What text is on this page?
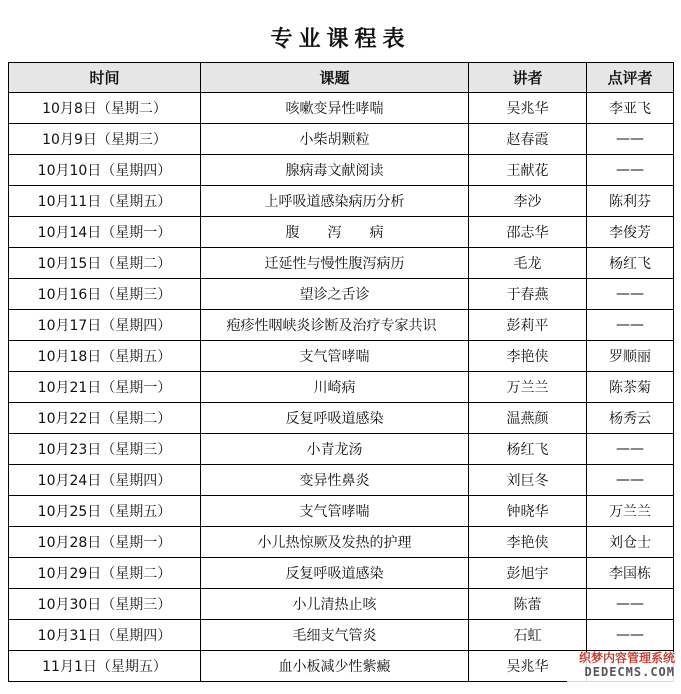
专业课程表
时间	课题	讲者	点评者
10月8日（星期二）	咳嗽变异性哮喘	吴兆华	李亚飞
10月9日（星期三）	小柴胡颗粒	赵春霞	——
10月10日（星期四）	腺病毒文献阅读	王献花	——
10月11日（星期五）	上呼吸道感染病历分析	李沙	陈利芬
10月14日（星期一）	腹　　泻　　病	邵志华	李俊芳
10月15日（星期二）	迁延性与慢性腹泻病历	毛龙	杨红飞
10月16日（星期三）	望诊之舌诊	于春燕	——
10月17日（星期四）	疱疹性咽峡炎诊断及治疗专家共识	彭莉平	——
10月18日（星期五）	支气管哮喘	李艳侠	罗顺丽
10月21日（星期一）	川崎病	万兰兰	陈茶菊
10月22日（星期二）	反复呼吸道感染	温燕颜	杨秀云
10月23日（星期三）	小青龙汤	杨红飞	——
10月24日（星期四）	变异性鼻炎	刘巨冬	——
10月25日（星期五）	支气管哮喘	钟晓华	万兰兰
10月28日（星期一）	小儿热惊厥及发热的护理	李艳侠	刘仓士
10月29日（星期二）	反复呼吸道感染	彭旭宇	李国栋
10月30日（星期三）	小儿清热止咳	陈蕾	——
10月31日（星期四）	毛细支气管炎	石虹	——
11月1日（星期五）	血小板减少性紫癜	吴兆华	
织梦内容管理系统
DEDECMS.COM
